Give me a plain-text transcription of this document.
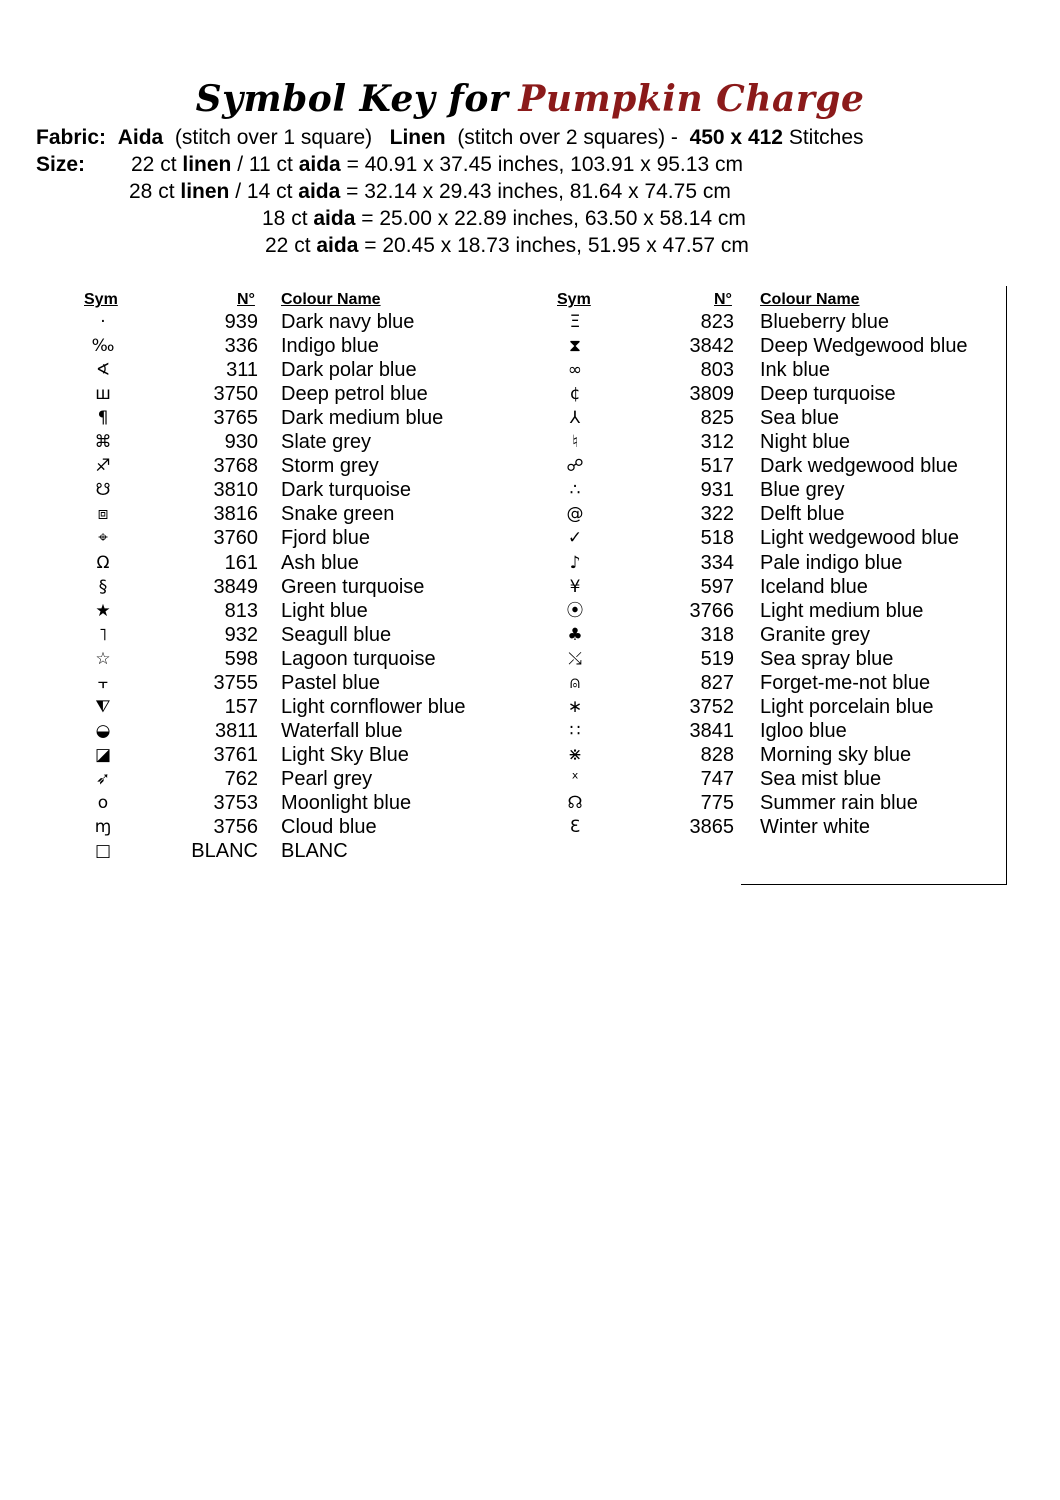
Symbol Key for Pumpkin Charge
Fabric: Aida (stitch over 1 square) Linen (stitch over 2 squares) - 450 x 412 Stitches
Size: 22 ct linen / 11 ct aida = 40.91 x 37.45 inches, 103.91 x 95.13 cm
28 ct linen / 14 ct aida = 32.14 x 29.43 inches, 81.64 x 74.75 cm
18 ct aida = 25.00 x 22.89 inches, 63.50 x 58.14 cm
22 ct aida = 20.45 x 18.73 inches, 51.95 x 47.57 cm
Sym	N° Colour Name	Sym	N° Colour Name
·	939 Dark navy blue
‰	336 Indigo blue
∢	311 Dark polar blue
ш	3750 Deep petrol blue
¶	3765 Dark medium blue
⌘	930 Slate grey
♐	3768 Storm grey
☋	3810 Dark turquoise
⧈	3816 Snake green
⌖	3760 Fjord blue
Ω	161 Ash blue
§	3849 Green turquoise
★	813 Light blue
˥	932 Seagull blue
☆	598 Lagoon turquoise
⫟	3755 Pastel blue
⧨	157 Light cornflower blue
◒	3811 Waterfall blue
◪	3761 Light Sky Blue
➶	762 Pearl grey
o	3753 Moonlight blue
ɱ	3756 Cloud blue
□	BLANC BLANC
Ξ	823 Blueberry blue
⧗	3842 Deep Wedgewood blue
∞	803 Ink blue
¢	3809 Deep turquoise
⅄	825 Sea blue
♮	312 Night blue
☍	517 Dark wedgewood blue
∴	931 Blue grey
@	322 Delft blue
✓	518 Light wedgewood blue
♪	334 Pale indigo blue
¥	597 Iceland blue
⦿	3766 Light medium blue
♣	318 Granite grey
⤯	519 Sea spray blue
⍝	827 Forget-me-not blue
∗	3752 Light porcelain blue
∷	3841 Igloo blue
⋇	828 Morning sky blue
ˣ	747 Sea mist blue
☊	775 Summer rain blue
Ɛ	3865 Winter white
